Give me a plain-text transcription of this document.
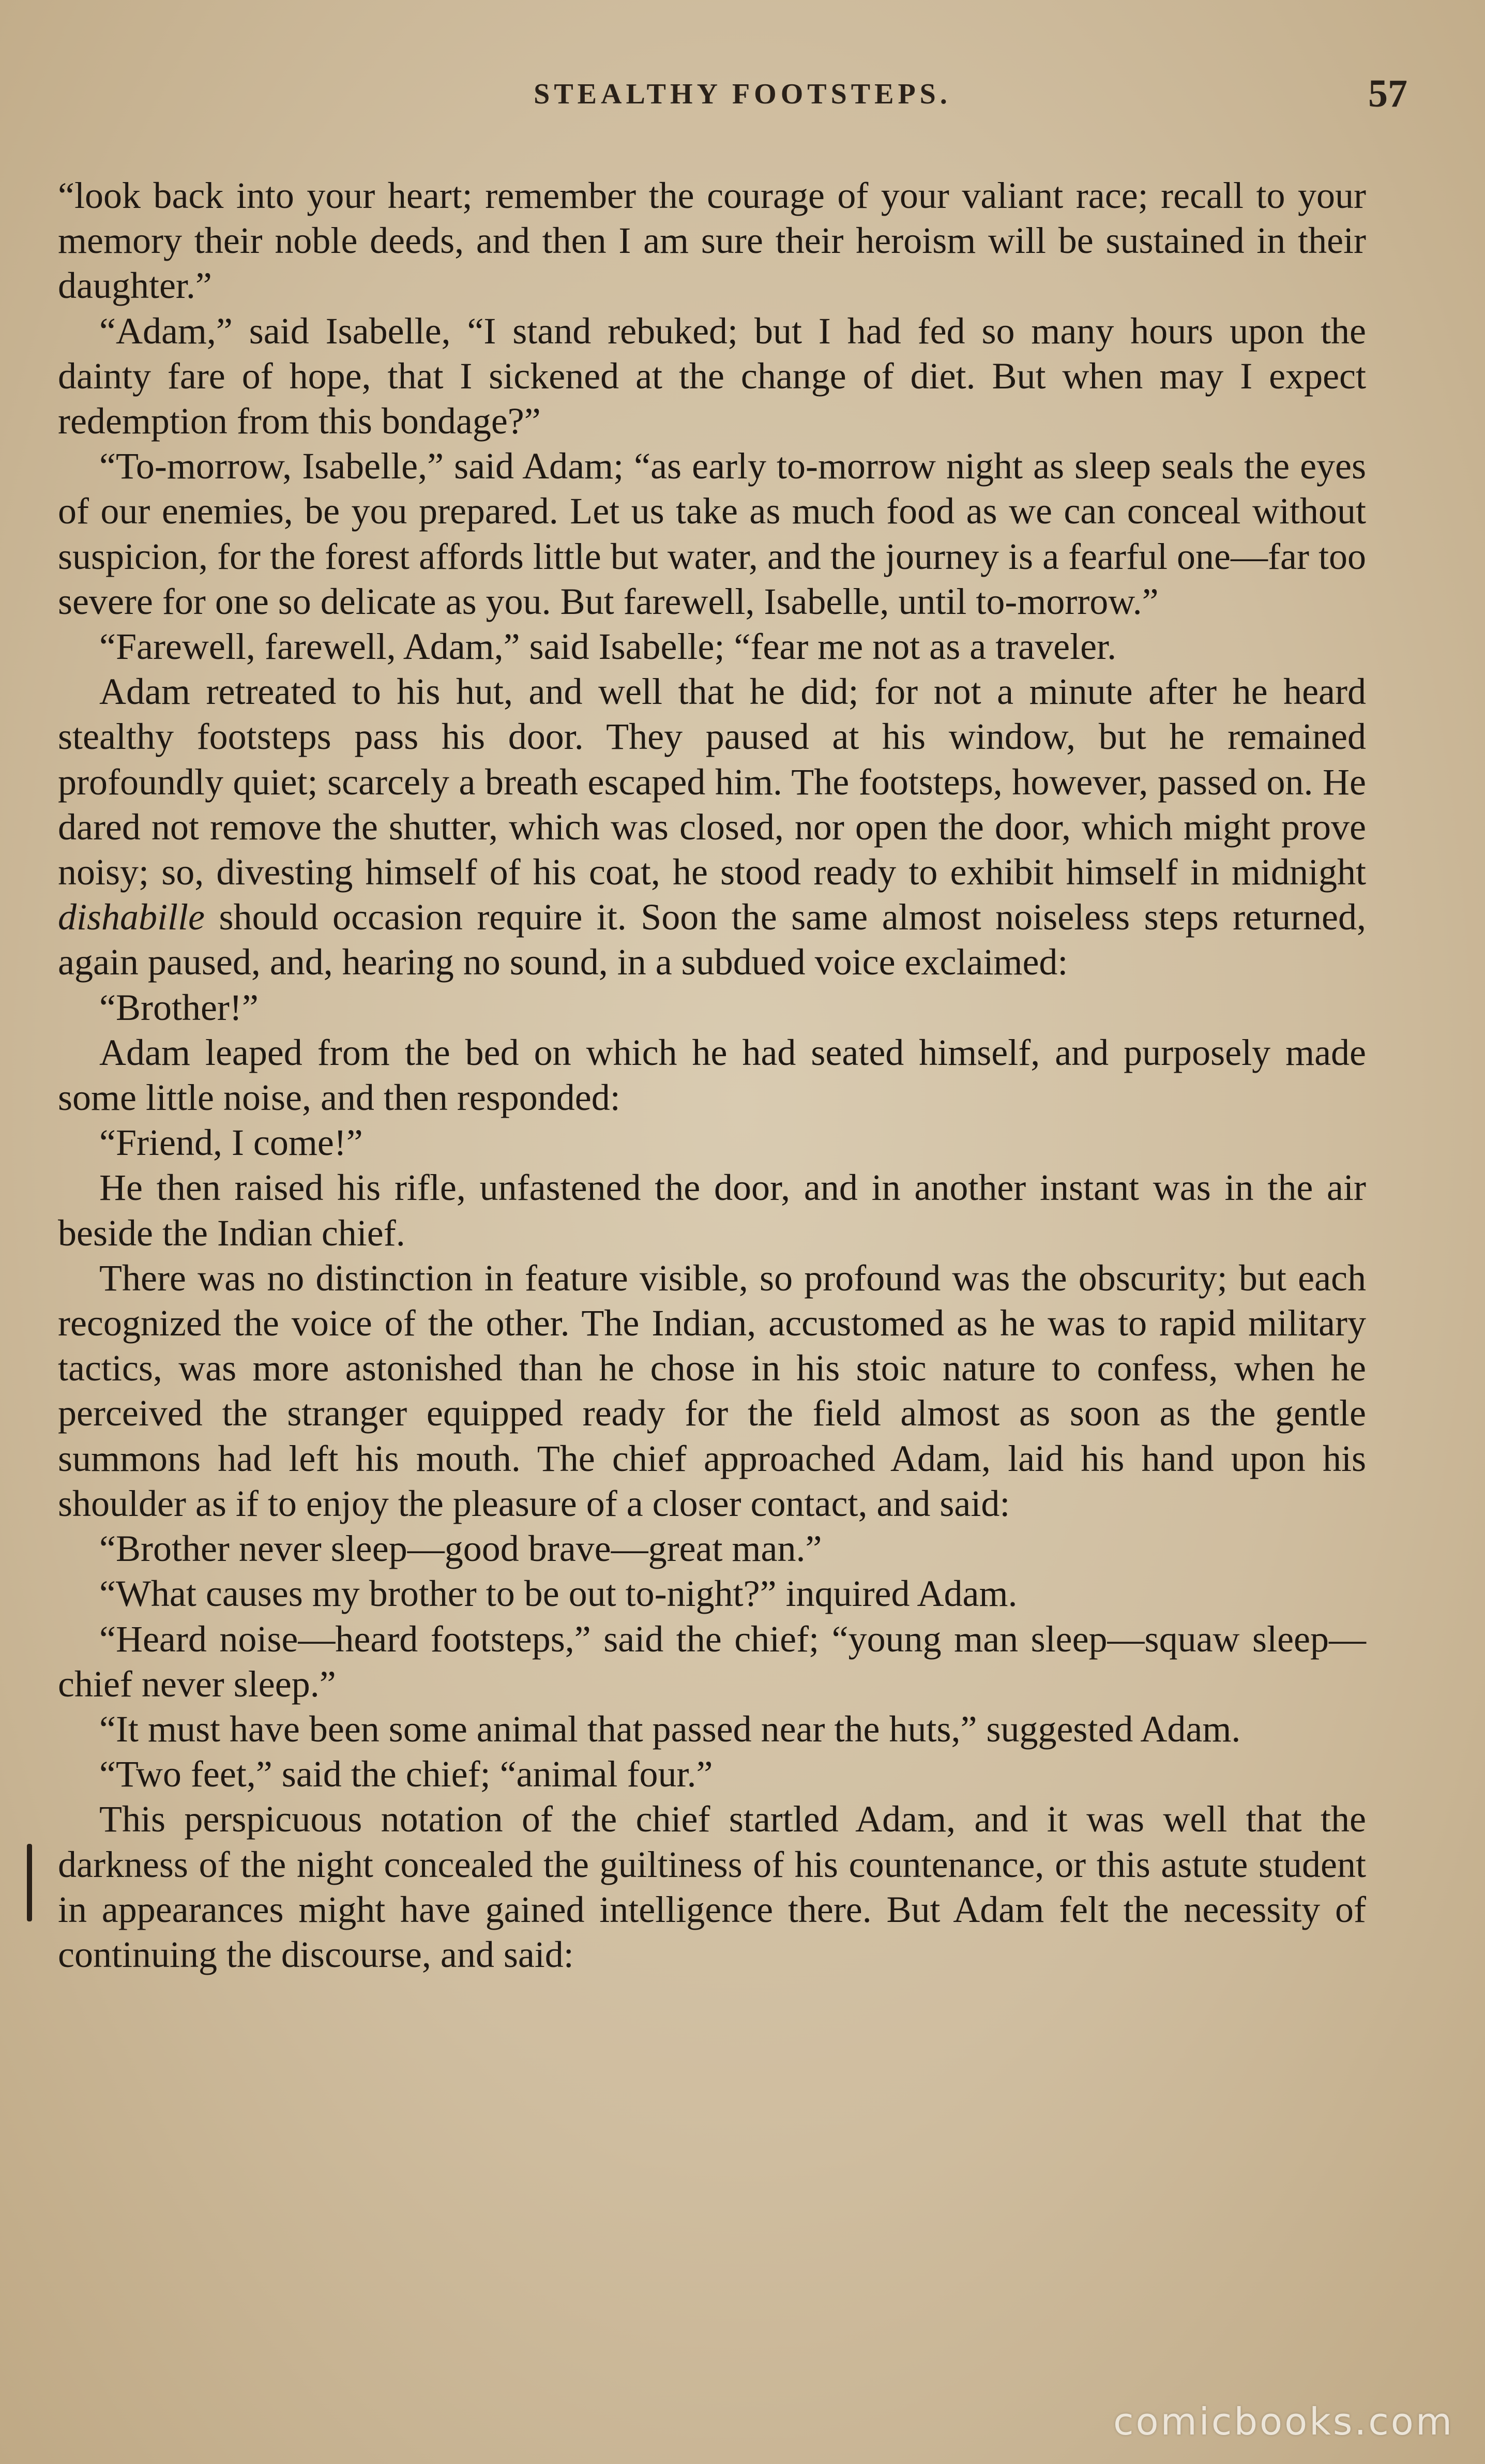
STEALTHY FOOTSTEPS.	57

“look back into your heart; remember the courage of your valiant race; recall to your memory their noble deeds, and then I am sure their heroism will be sustained in their daughter.”

“Adam,” said Isabelle, “I stand rebuked; but I had fed so many hours upon the dainty fare of hope, that I sickened at the change of diet. But when may I expect redemption from this bondage?”

“To-morrow, Isabelle,” said Adam; “as early to-morrow night as sleep seals the eyes of our enemies, be you prepared. Let us take as much food as we can conceal without suspicion, for the forest affords little but water, and the journey is a fearful one—far too severe for one so delicate as you. But farewell, Isabelle, until to-morrow.”

“Farewell, farewell, Adam,” said Isabelle; “fear me not as a traveler.

Adam retreated to his hut, and well that he did; for not a minute after he heard stealthy footsteps pass his door. They paused at his window, but he remained profoundly quiet; scarcely a breath escaped him. The footsteps, however, passed on. He dared not remove the shutter, which was closed, nor open the door, which might prove noisy; so, divesting himself of his coat, he stood ready to exhibit himself in midnight dishabille should occasion require it. Soon the same almost noiseless steps returned, again paused, and, hearing no sound, in a subdued voice exclaimed:

“Brother!”

Adam leaped from the bed on which he had seated himself, and purposely made some little noise, and then responded:

“Friend, I come!”

He then raised his rifle, unfastened the door, and in another instant was in the air beside the Indian chief.

There was no distinction in feature visible, so profound was the obscurity; but each recognized the voice of the other. The Indian, accustomed as he was to rapid military tactics, was more astonished than he chose in his stoic nature to confess, when he perceived the stranger equipped ready for the field almost as soon as the gentle summons had left his mouth. The chief approached Adam, laid his hand upon his shoulder as if to enjoy the pleasure of a closer contact, and said:

“Brother never sleep—good brave—great man.”

“What causes my brother to be out to-night?” inquired Adam.

“Heard noise—heard footsteps,” said the chief; “young man sleep—squaw sleep—chief never sleep.”

“It must have been some animal that passed near the huts,” suggested Adam.

“Two feet,” said the chief; “animal four.”

This perspicuous notation of the chief startled Adam, and it was well that the darkness of the night concealed the guiltiness of his countenance, or this astute student in appearances might have gained intelligence there. But Adam felt the necessity of continuing the discourse, and said:

comicbooks.com
